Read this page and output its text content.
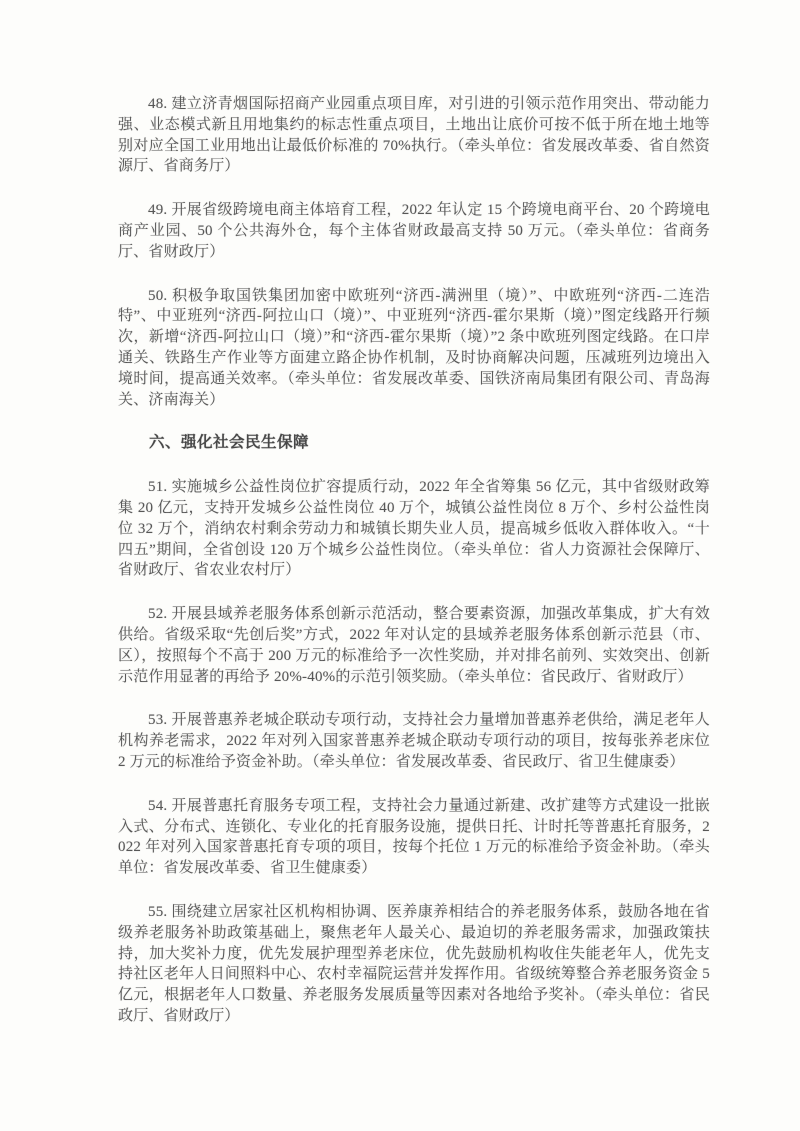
48. 建立济青烟国际招商产业园重点项目库，对引进的引领示范作用突出、带动能力强、业态模式新且用地集约的标志性重点项目，土地出让底价可按不低于所在地土地等别对应全国工业用地出让最低价标准的 70%执行。（牵头单位：省发展改革委、省自然资源厅、省商务厅）

49. 开展省级跨境电商主体培育工程，2022 年认定 15 个跨境电商平台、20 个跨境电商产业园、50 个公共海外仓，每个主体省财政最高支持 50 万元。（牵头单位：省商务厅、省财政厅）

50. 积极争取国铁集团加密中欧班列“济西-满洲里（境）”、中欧班列“济西-二连浩特”、中亚班列“济西-阿拉山口（境）”、中亚班列“济西-霍尔果斯（境）”图定线路开行频次，新增“济西-阿拉山口（境）”和“济西-霍尔果斯（境）”2 条中欧班列图定线路。在口岸通关、铁路生产作业等方面建立路企协作机制，及时协商解决问题，压减班列边境出入境时间，提高通关效率。（牵头单位：省发展改革委、国铁济南局集团有限公司、青岛海关、济南海关）

六、强化社会民生保障

51. 实施城乡公益性岗位扩容提质行动，2022 年全省筹集 56 亿元，其中省级财政筹集 20 亿元，支持开发城乡公益性岗位 40 万个，城镇公益性岗位 8 万个、乡村公益性岗位 32 万个，消纳农村剩余劳动力和城镇长期失业人员，提高城乡低收入群体收入。“十四五”期间，全省创设 120 万个城乡公益性岗位。（牵头单位：省人力资源社会保障厅、省财政厅、省农业农村厅）

52. 开展县域养老服务体系创新示范活动，整合要素资源，加强改革集成，扩大有效供给。省级采取“先创后奖”方式，2022 年对认定的县域养老服务体系创新示范县（市、区），按照每个不高于 200 万元的标准给予一次性奖励，并对排名前列、实效突出、创新示范作用显著的再给予 20%-40%的示范引领奖励。（牵头单位：省民政厅、省财政厅）

53. 开展普惠养老城企联动专项行动，支持社会力量增加普惠养老供给，满足老年人机构养老需求，2022 年对列入国家普惠养老城企联动专项行动的项目，按每张养老床位 2 万元的标准给予资金补助。（牵头单位：省发展改革委、省民政厅、省卫生健康委）

54. 开展普惠托育服务专项工程，支持社会力量通过新建、改扩建等方式建设一批嵌入式、分布式、连锁化、专业化的托育服务设施，提供日托、计时托等普惠托育服务，2022 年对列入国家普惠托育专项的项目，按每个托位 1 万元的标准给予资金补助。（牵头单位：省发展改革委、省卫生健康委）

55. 围绕建立居家社区机构相协调、医养康养相结合的养老服务体系，鼓励各地在省级养老服务补助政策基础上，聚焦老年人最关心、最迫切的养老服务需求，加强政策扶持，加大奖补力度，优先发展护理型养老床位，优先鼓励机构收住失能老年人，优先支持社区老年人日间照料中心、农村幸福院运营并发挥作用。省级统筹整合养老服务资金 5 亿元，根据老年人口数量、养老服务发展质量等因素对各地给予奖补。（牵头单位：省民政厅、省财政厅）
